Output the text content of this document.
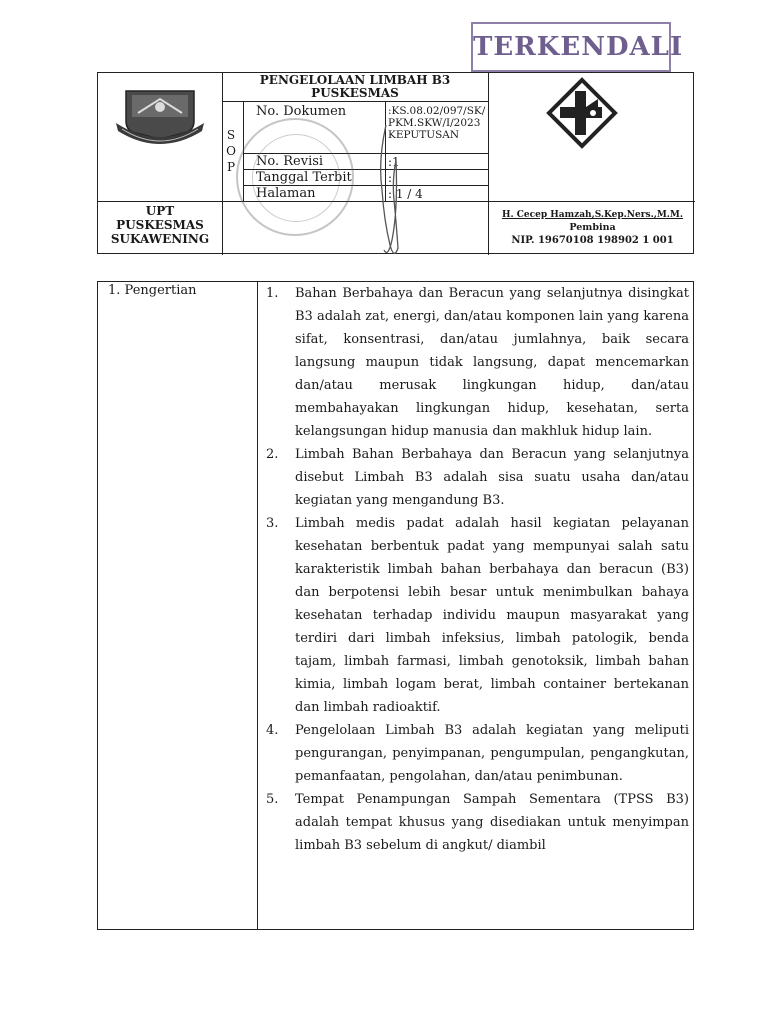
TERKENDALI
PENGELOLAAN LIMBAH B3
PUSKESMAS
S
O
P
No. Dokumen	:KS.08.02/097/SK/PKM.SKW/I/2023KEPUTUSAN
No. Revisi	:1
Tanggal Terbit	:
Halaman	: 1 / 4
UPT
PUSKESMAS
SUKAWENING
H. Cecep Hamzah,S.Kep.Ners.,M.M.
Pembina
NIP. 19670108 198902 1 001
1. Pengertian	1. Bahan Berbahaya dan Beracun yang selanjutnya disingkat B3 adalah zat, energi, dan/atau komponen lain yang karena sifat, konsentrasi, dan/atau jumlahnya, baik secara langsung maupun tidak langsung, dapat mencemarkan dan/atau merusak lingkungan hidup, dan/atau membahayakan lingkungan hidup, kesehatan, serta kelangsungan hidup manusia dan makhluk hidup lain.
2. Limbah Bahan Berbahaya dan Beracun yang selanjutnya disebut Limbah B3 adalah sisa suatu usaha dan/atau kegiatan yang mengandung B3.
3. Limbah medis padat adalah hasil kegiatan pelayanan kesehatan berbentuk padat yang mempunyai salah satu karakteristik limbah bahan berbahaya dan beracun (B3) dan berpotensi lebih besar untuk menimbulkan bahaya kesehatan terhadap individu maupun masyarakat yang terdiri dari limbah infeksius, limbah patologik, benda tajam, limbah farmasi, limbah genotoksik, limbah bahan kimia, limbah logam berat, limbah container bertekanan dan limbah radioaktif.
4. Pengelolaan Limbah B3 adalah kegiatan yang meliputi pengurangan, penyimpanan, pengumpulan, pengangkutan, pemanfaatan, pengolahan, dan/atau penimbunan.
5. Tempat Penampungan Sampah Sementara (TPSS B3) adalah tempat khusus yang disediakan untuk menyimpan limbah B3 sebelum di angkut/ diambil
